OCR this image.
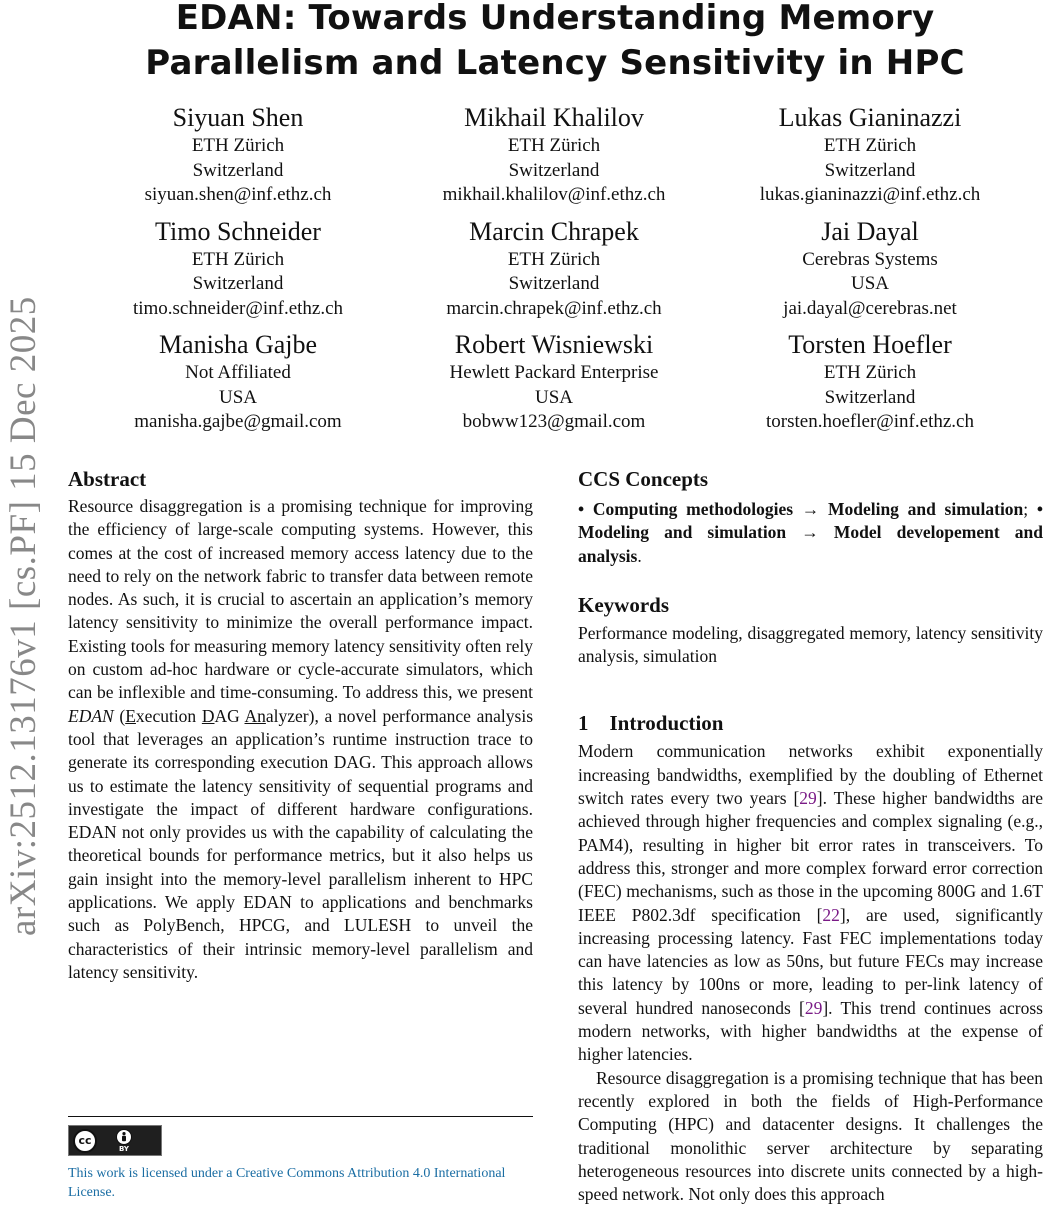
arXiv:2512.13176v1 [cs.PF] 15 Dec 2025
EDAN: Towards Understanding Memory Parallelism and Latency Sensitivity in HPC
Siyuan Shen
ETH Zürich
Switzerland
siyuan.shen@inf.ethz.ch
Mikhail Khalilov
ETH Zürich
Switzerland
mikhail.khalilov@inf.ethz.ch
Lukas Gianinazzi
ETH Zürich
Switzerland
lukas.gianinazzi@inf.ethz.ch
Timo Schneider
ETH Zürich
Switzerland
timo.schneider@inf.ethz.ch
Marcin Chrapek
ETH Zürich
Switzerland
marcin.chrapek@inf.ethz.ch
Jai Dayal
Cerebras Systems
USA
jai.dayal@cerebras.net
Manisha Gajbe
Not Affiliated
USA
manisha.gajbe@gmail.com
Robert Wisniewski
Hewlett Packard Enterprise
USA
bobww123@gmail.com
Torsten Hoefler
ETH Zürich
Switzerland
torsten.hoefler@inf.ethz.ch
Abstract

Resource disaggregation is a promising technique for improving the efficiency of large-scale computing systems. However, this comes at the cost of increased memory access latency due to the need to rely on the network fabric to transfer data between remote nodes. As such, it is crucial to ascertain an application’s memory latency sensitivity to minimize the overall performance impact. Existing tools for measuring memory latency sensitivity often rely on custom ad-hoc hardware or cycle-accurate simulators, which can be inflexible and time-consuming. To address this, we present EDAN (Execution DAG Analyzer), a novel performance analysis tool that leverages an application’s runtime instruction trace to generate its corresponding execution DAG. This approach allows us to estimate the latency sensitivity of sequential programs and investigate the impact of different hardware configurations. EDAN not only provides us with the capability of calculating the theoretical bounds for performance metrics, but it also helps us gain insight into the memory-level parallelism inherent to HPC applications. We apply EDAN to applications and benchmarks such as PolyBench, HPCG, and LULESH to unveil the characteristics of their intrinsic memory-level parallelism and latency sensitivity.

cc
BY
This work is licensed under a Creative Commons Attribution 4.0 International License.
CCS Concepts
• Computing methodologies → Modeling and simulation; • Modeling and simulation → Model developement and analysis.
Keywords

Performance modeling, disaggregated memory, latency sensitivity analysis, simulation

1    Introduction

Modern communication networks exhibit exponentially increasing bandwidths, exemplified by the doubling of Ethernet switch rates every two years [29]. These higher bandwidths are achieved through higher frequencies and complex signaling (e.g., PAM4), resulting in higher bit error rates in transceivers. To address this, stronger and more complex forward error correction (FEC) mechanisms, such as those in the upcoming 800G and 1.6T IEEE P802.3df specification [22], are used, significantly increasing processing latency. Fast FEC implementations today can have latencies as low as 50ns, but future FECs may increase this latency by 100ns or more, leading to per-link latency of several hundred nanoseconds [29]. This trend continues across modern networks, with higher bandwidths at the expense of higher latencies.

Resource disaggregation is a promising technique that has been recently explored in both the fields of High-Performance Computing (HPC) and datacenter designs. It challenges the traditional monolithic server architecture by separating heterogeneous resources into discrete units connected by a high-speed network. Not only does this approach
